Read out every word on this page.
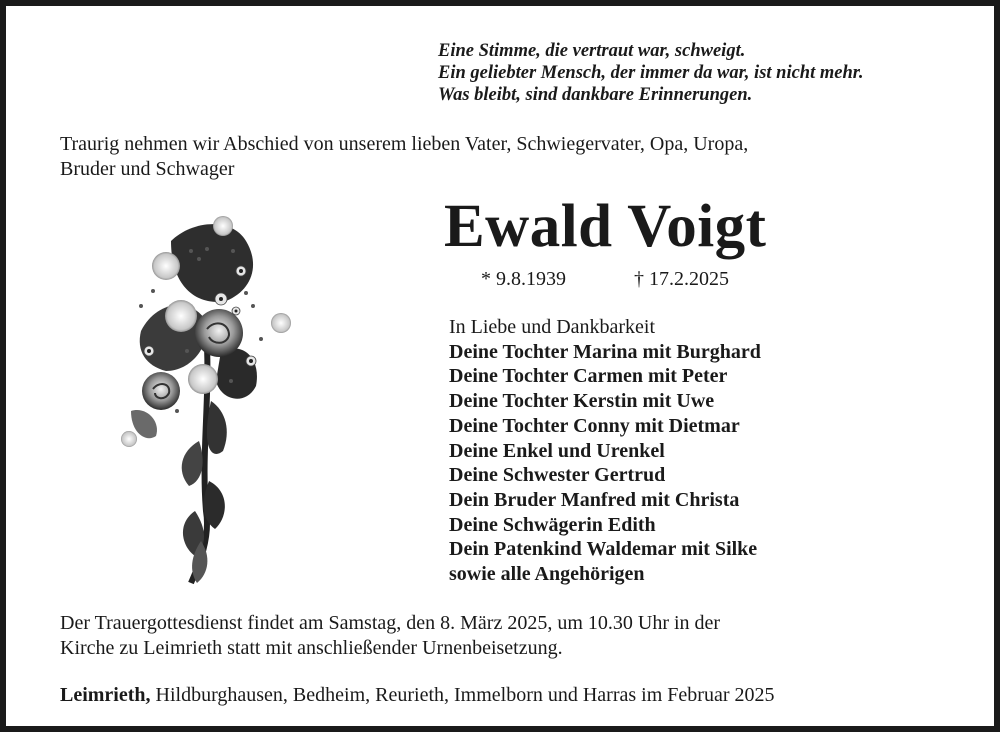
Eine Stimme, die vertraut war, schweigt.
Ein geliebter Mensch, der immer da war, ist nicht mehr.
Was bleibt, sind dankbare Erinnerungen.
Traurig nehmen wir Abschied von unserem lieben Vater, Schwiegervater, Opa, Uropa,
Bruder und Schwager
Ewald Voigt
* 9.8.1939	† 17.2.2025
In Liebe und Dankbarkeit
Deine Tochter Marina mit Burghard
Deine Tochter Carmen mit Peter
Deine Tochter Kerstin mit Uwe
Deine Tochter Conny mit Dietmar
Deine Enkel und Urenkel
Deine Schwester Gertrud
Dein Bruder Manfred mit Christa
Deine Schwägerin Edith
Dein Patenkind Waldemar mit Silke
sowie alle Angehörigen
Der Trauergottesdienst findet am Samstag, den 8. März 2025, um 10.30 Uhr in der
Kirche zu Leimrieth statt mit anschließender Urnenbeisetzung.
Leimrieth, Hildburghausen, Bedheim, Reurieth, Immelborn und Harras im Februar 2025
